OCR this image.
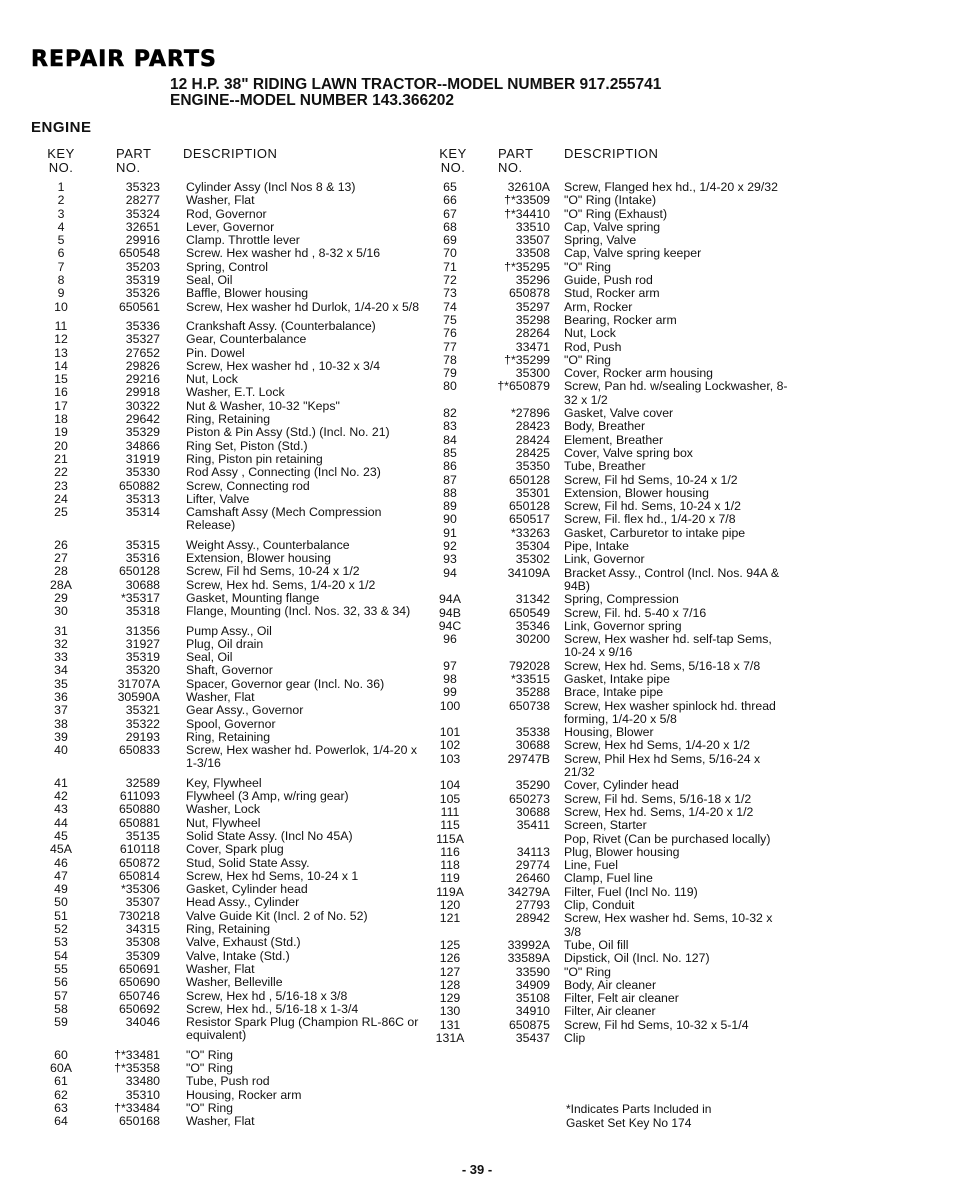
REPAIR PARTS
12 H.P. 38" RIDING LAWN TRACTOR--MODEL NUMBER 917.255741
ENGINE--MODEL NUMBER 143.366202
ENGINE
KEY
NO.
PART
NO.
DESCRIPTION
1	35323 Cylinder Assy (Incl Nos 8 & 13)
2	28277 Washer, Flat
3	35324 Rod, Governor
4	32651 Lever, Governor
5	29916 Clamp. Throttle lever
6	650548 Screw. Hex washer hd , 8-32 x 5/16
7	35203 Spring, Control
8	35319 Seal, Oil
9	35326 Baffle, Blower housing
10	650561 Screw, Hex washer hd Durlok, 1/4-20 x 5/8
11	35336 Crankshaft Assy. (Counterbalance)
12	35327 Gear, Counterbalance
13	27652 Pin. Dowel
14	29826 Screw, Hex washer hd , 10-32 x 3/4
15	29216 Nut, Lock
16	29918 Washer, E.T. Lock
17	30322 Nut & Washer, 10-32 "Keps"
18	29642 Ring, Retaining
19	35329 Piston & Pin Assy (Std.) (Incl. No. 21)
20	34866 Ring Set, Piston (Std.)
21	31919 Ring, Piston pin retaining
22	35330 Rod Assy , Connecting (Incl No. 23)
23	650882 Screw, Connecting rod
24	35313 Lifter, Valve
25	35314 Camshaft Assy (Mech Compression Release)
26	35315 Weight Assy., Counterbalance
27	35316 Extension, Blower housing
28	650128 Screw, Fil hd Sems, 10-24 x 1/2
28A	30688 Screw, Hex hd. Sems, 1/4-20 x 1/2
29	*35317 Gasket, Mounting flange
30	35318 Flange, Mounting (Incl. Nos. 32, 33 & 34)
31	31356 Pump Assy., Oil
32	31927 Plug, Oil drain
33	35319 Seal, Oil
34	35320 Shaft, Governor
35	31707A Spacer, Governor gear (Incl. No. 36)
36	30590A Washer, Flat
37	35321 Gear Assy., Governor
38	35322 Spool, Governor
39	29193 Ring, Retaining
40	650833 Screw, Hex washer hd. Powerlok, 1/4-20 x 1-3/16
41	32589 Key, Flywheel
42	611093 Flywheel (3 Amp, w/ring gear)
43	650880 Washer, Lock
44	650881 Nut, Flywheel
45	35135 Solid State Assy. (Incl No 45A)
45A	610118 Cover, Spark plug
46	650872 Stud, Solid State Assy.
47	650814 Screw, Hex hd Sems, 10-24 x 1
49	*35306 Gasket, Cylinder head
50	35307 Head Assy., Cylinder
51	730218 Valve Guide Kit (Incl. 2 of No. 52)
52	34315 Ring, Retaining
53	35308 Valve, Exhaust (Std.)
54	35309 Valve, Intake (Std.)
55	650691 Washer, Flat
56	650690 Washer, Belleville
57	650746 Screw, Hex hd , 5/16-18 x 3/8
58	650692 Screw, Hex hd., 5/16-18 x 1-3/4
59	34046 Resistor Spark Plug (Champion RL-86C or equivalent)
60	†*33481 "O" Ring
60A	†*35358 "O" Ring
61	33480 Tube, Push rod
62	35310 Housing, Rocker arm
63	†*33484 "O" Ring
64	650168 Washer, Flat
KEY
NO.
PART
NO.
DESCRIPTION
65	32610A Screw, Flanged hex hd., 1/4-20 x 29/32
66	†*33509 "O" Ring (Intake)
67	†*34410 "O" Ring (Exhaust)
68	33510 Cap, Valve spring
69	33507 Spring, Valve
70	33508 Cap, Valve spring keeper
71	†*35295 "O" Ring
72	35296 Guide, Push rod
73	650878 Stud, Rocker arm
74	35297 Arm, Rocker
75	35298 Bearing, Rocker arm
76	28264 Nut, Lock
77	33471 Rod, Push
78	†*35299 "O" Ring
79	35300 Cover, Rocker arm housing
80	†*650879 Screw, Pan hd. w/sealing Lockwasher, 8-32 x 1/2
82	*27896 Gasket, Valve cover
83	28423 Body, Breather
84	28424 Element, Breather
85	28425 Cover, Valve spring box
86	35350 Tube, Breather
87	650128 Screw, Fil hd Sems, 10-24 x 1/2
88	35301 Extension, Blower housing
89	650128 Screw, Fil hd. Sems, 10-24 x 1/2
90	650517 Screw, Fil. flex hd., 1/4-20 x 7/8
91	*33263 Gasket, Carburetor to intake pipe
92	35304 Pipe, Intake
93	35302 Link, Governor
94	34109A Bracket Assy., Control (Incl. Nos. 94A & 94B)
94A	31342 Spring, Compression
94B	650549 Screw, Fil. hd. 5-40 x 7/16
94C	35346 Link, Governor spring
96	30200 Screw, Hex washer hd. self-tap Sems, 10-24 x 9/16
97	792028 Screw, Hex hd. Sems, 5/16-18 x 7/8
98	*33515 Gasket, Intake pipe
99	35288 Brace, Intake pipe
100	650738 Screw, Hex washer spinlock hd. thread forming, 1/4-20 x 5/8
101	35338 Housing, Blower
102	30688 Screw, Hex hd Sems, 1/4-20 x 1/2
103	29747B Screw, Phil Hex hd Sems, 5/16-24 x 21/32
104	35290 Cover, Cylinder head
105	650273 Screw, Fil hd. Sems, 5/16-18 x 1/2
111	30688 Screw, Hex hd. Sems, 1/4-20 x 1/2
115	35411 Screen, Starter
115A	Pop, Rivet (Can be purchased locally)
116	34113 Plug, Blower housing
118	29774 Line, Fuel
119	26460 Clamp, Fuel line
119A	34279A Filter, Fuel (Incl No. 119)
120	27793 Clip, Conduit
121	28942 Screw, Hex washer hd. Sems, 10-32 x 3/8
125	33992A Tube, Oil fill
126	33589A Dipstick, Oil (Incl. No. 127)
127	33590 "O" Ring
128	34909 Body, Air cleaner
129	35108 Filter, Felt air cleaner
130	34910 Filter, Air cleaner
131	650875 Screw, Fil hd Sems, 10-32 x 5-1/4
131A	35437 Clip
*Indicates Parts Included in
Gasket Set Key No 174
- 39 -
